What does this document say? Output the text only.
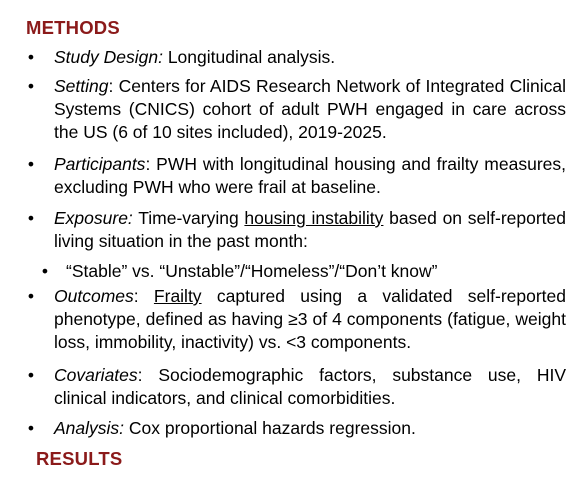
METHODS
• Study Design: Longitudinal analysis.
• Setting: Centers for AIDS Research Network of Integrated Clinical Systems (CNICS) cohort of adult PWH engaged in care across the US (6 of 10 sites included), 2019-2025.
• Participants: PWH with longitudinal housing and frailty measures, excluding PWH who were frail at baseline.
• Exposure: Time-varying housing instability based on self-reported living situation in the past month:
• “Stable” vs. “Unstable”/“Homeless”/“Don’t know”
• Outcomes: Frailty captured using a validated self-reported phenotype, defined as having ≥3 of 4 components (fatigue, weight loss, immobility, inactivity) vs. <3 components.
• Covariates: Sociodemographic factors, substance use, HIV clinical indicators, and clinical comorbidities.
• Analysis: Cox proportional hazards regression.
RESULTS
